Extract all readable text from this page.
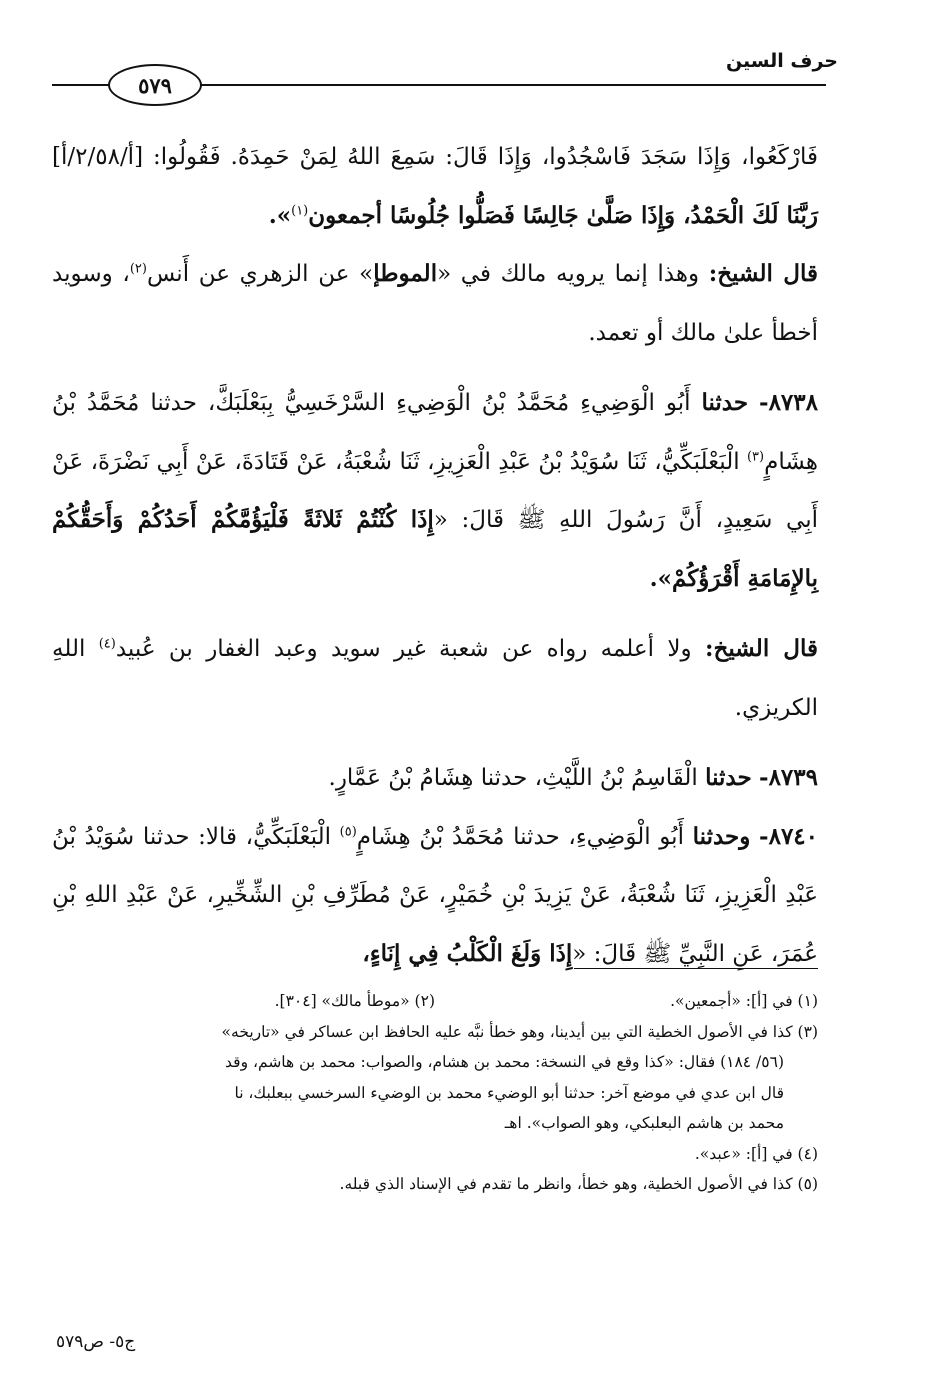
حرف السين
٥٧٩

فَارْكَعُوا، وَإِذَا سَجَدَ فَاسْجُدُوا، وَإِذَا قَالَ: سَمِعَ اللهُ لِمَنْ حَمِدَهُ. فَقُولُوا: [أ/٢/٥٨/أ] رَبَّنَا لَكَ الْحَمْدُ، وَإِذَا صَلَّىٰ جَالِسًا فَصَلُّوا جُلُوسًا أجمعون$^{(١)}$».

قال الشيخ: وهذا إنما يرويه مالك في «الموطإ» عن الزهري عن أَنس$^{(٢)}$، وسويد أخطأ علىٰ مالك أو تعمد.

٨٧٣٨- حدثنا أَبُو الْوَضِيءِ مُحَمَّدُ بْنُ الْوَضِيءِ السَّرْخَسِيُّ بِبَعْلَبَكَّ، حدثنا مُحَمَّدُ بْنُ هِشَامٍ$^{(٣)}$ الْبَعْلَبَكِّيُّ، ثَنَا سُوَيْدُ بْنُ عَبْدِ الْعَزِيزِ، ثَنَا شُعْبَةُ، عَنْ قَتَادَةَ، عَنْ أَبِي نَضْرَةَ، عَنْ أَبِي سَعِيدٍ، أَنَّ رَسُولَ اللهِ ﷺ قَالَ: «إِذَا كُنْتُمْ ثَلاثَةً فَلْيَؤُمَّكُمْ أَحَدُكُمْ وَأَحَقُّكُمْ بِالإِمَامَةِ أَقْرَؤُكُمْ».

قال الشيخ: ولا أعلمه رواه عن شعبة غير سويد وعبد الغفار بن عُبيد$^{(٤)}$ اللهِ الكريزي.

٨٧٣٩- حدثنا الْقَاسِمُ بْنُ اللَّيْثِ، حدثنا هِشَامُ بْنُ عَمَّارٍ.

٨٧٤٠- وحدثنا أَبُو الْوَضِيءِ، حدثنا مُحَمَّدُ بْنُ هِشَامٍ$^{(٥)}$ الْبَعْلَبَكِّيُّ، قالا: حدثنا سُوَيْدُ بْنُ عَبْدِ الْعَزِيزِ، ثَنَا شُعْبَةُ، عَنْ يَزِيدَ بْنِ خُمَيْرٍ، عَنْ مُطَرِّفِ بْنِ الشِّخِّيرِ، عَنْ عَبْدِ اللهِ بْنِ عُمَرَ، عَنِ النَّبِيِّ ﷺ قَالَ: «إِذَا وَلَغَ الْكَلْبُ فِي إِنَاءٍ،

(١) في [أ]: «أجمعين».
(٢) «موطأ مالك» [٣٠٤].

(٣) كذا في الأصول الخطية التي بين أيدينا، وهو خطأ نبَّه عليه الحافظ ابن عساكر في «تاريخه»

(٥٦/ ١٨٤) فقال: «كذا وقع في النسخة: محمد بن هشام، والصواب: محمد بن هاشم، وقد

قال ابن عدي في موضع آخر: حدثنا أبو الوضيء محمد بن الوضيء السرخسي ببعلبك، نا

محمد بن هاشم البعلبكي، وهو الصواب». اهـ

(٤) في [أ]: «عبد».

(٥) كذا في الأصول الخطية، وهو خطأ، وانظر ما تقدم في الإسناد الذي قبله.

ج٥- ص٥٧٩
